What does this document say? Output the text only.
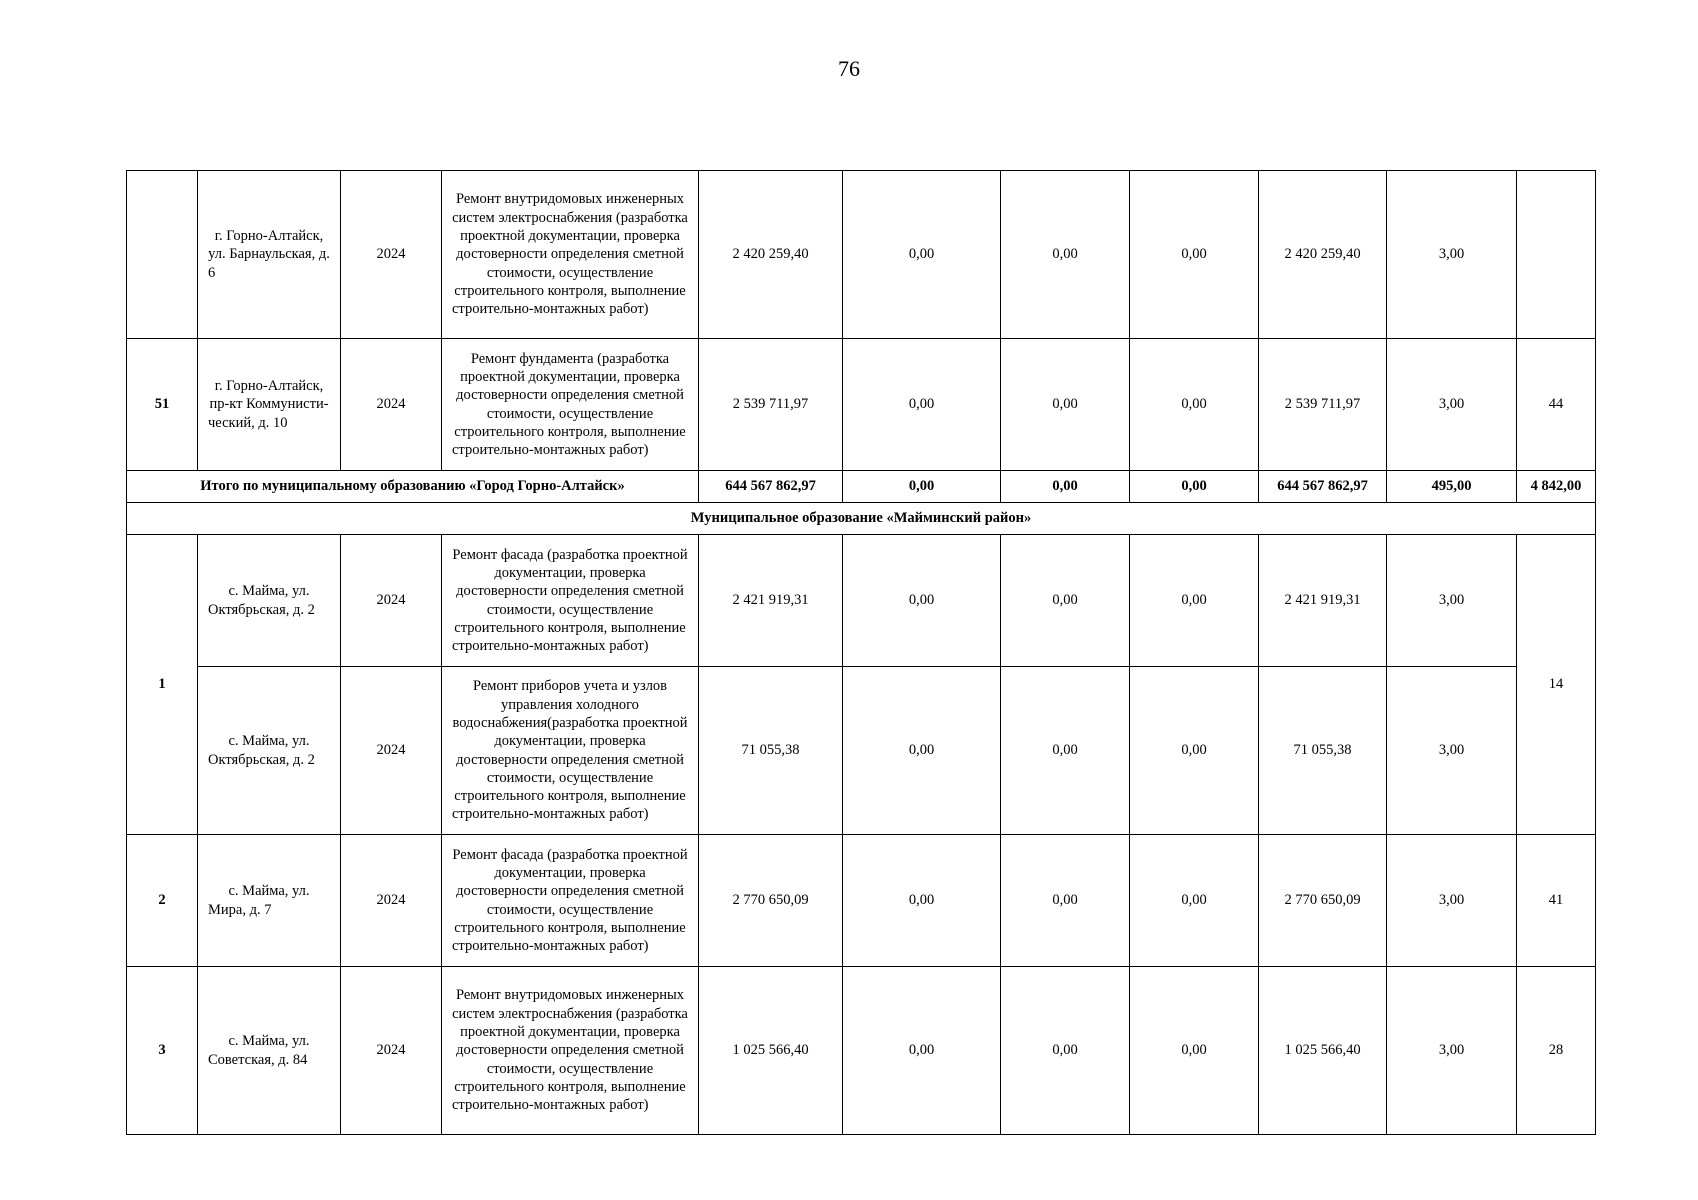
76
	г. Горно-Алтайск, ул. Барнаульская, д. 6	2024	Ремонт внутридомовых инженерных систем электроснабжения (разработка проектной документации, проверка достоверности определения сметной стоимости, осуществление строительного контроля, выполнение строительно-монтажных работ)	2 420 259,40	0,00	0,00	0,00	2 420 259,40	3,00	
51	г. Горно-Алтайск, пр-кт Коммунисти-ческий, д. 10	2024	Ремонт фундамента (разработка проектной документации, проверка достоверности определения сметной стоимости, осуществление строительного контроля, выполнение строительно-монтажных работ)	2 539 711,97	0,00	0,00	0,00	2 539 711,97	3,00	44
Итого по муниципальному образованию «Город Горно-Алтайск»				644 567 862,97	0,00	0,00	0,00	644 567 862,97	495,00	4 842,00
Муниципальное образование «Майминский район»										
1	с. Майма, ул. Октябрьская, д. 2	2024	Ремонт фасада (разработка проектной документации, проверка достоверности определения сметной стоимости, осуществление строительного контроля, выполнение строительно-монтажных работ)	2 421 919,31	0,00	0,00	0,00	2 421 919,31	3,00	14
	с. Майма, ул. Октябрьская, д. 2	2024	Ремонт приборов учета и узлов управления холодного водоснабжения(разработка проектной документации, проверка достоверности определения сметной стоимости, осуществление строительного контроля, выполнение строительно-монтажных работ)	71 055,38	0,00	0,00	0,00	71 055,38	3,00	
2	с. Майма, ул. Мира, д. 7	2024	Ремонт фасада (разработка проектной документации, проверка достоверности определения сметной стоимости, осуществление строительного контроля, выполнение строительно-монтажных работ)	2 770 650,09	0,00	0,00	0,00	2 770 650,09	3,00	41
3	с. Майма, ул. Советская, д. 84	2024	Ремонт внутридомовых инженерных систем электроснабжения (разработка проектной документации, проверка достоверности определения сметной стоимости, осуществление строительного контроля, выполнение строительно-монтажных работ)	1 025 566,40	0,00	0,00	0,00	1 025 566,40	3,00	28
